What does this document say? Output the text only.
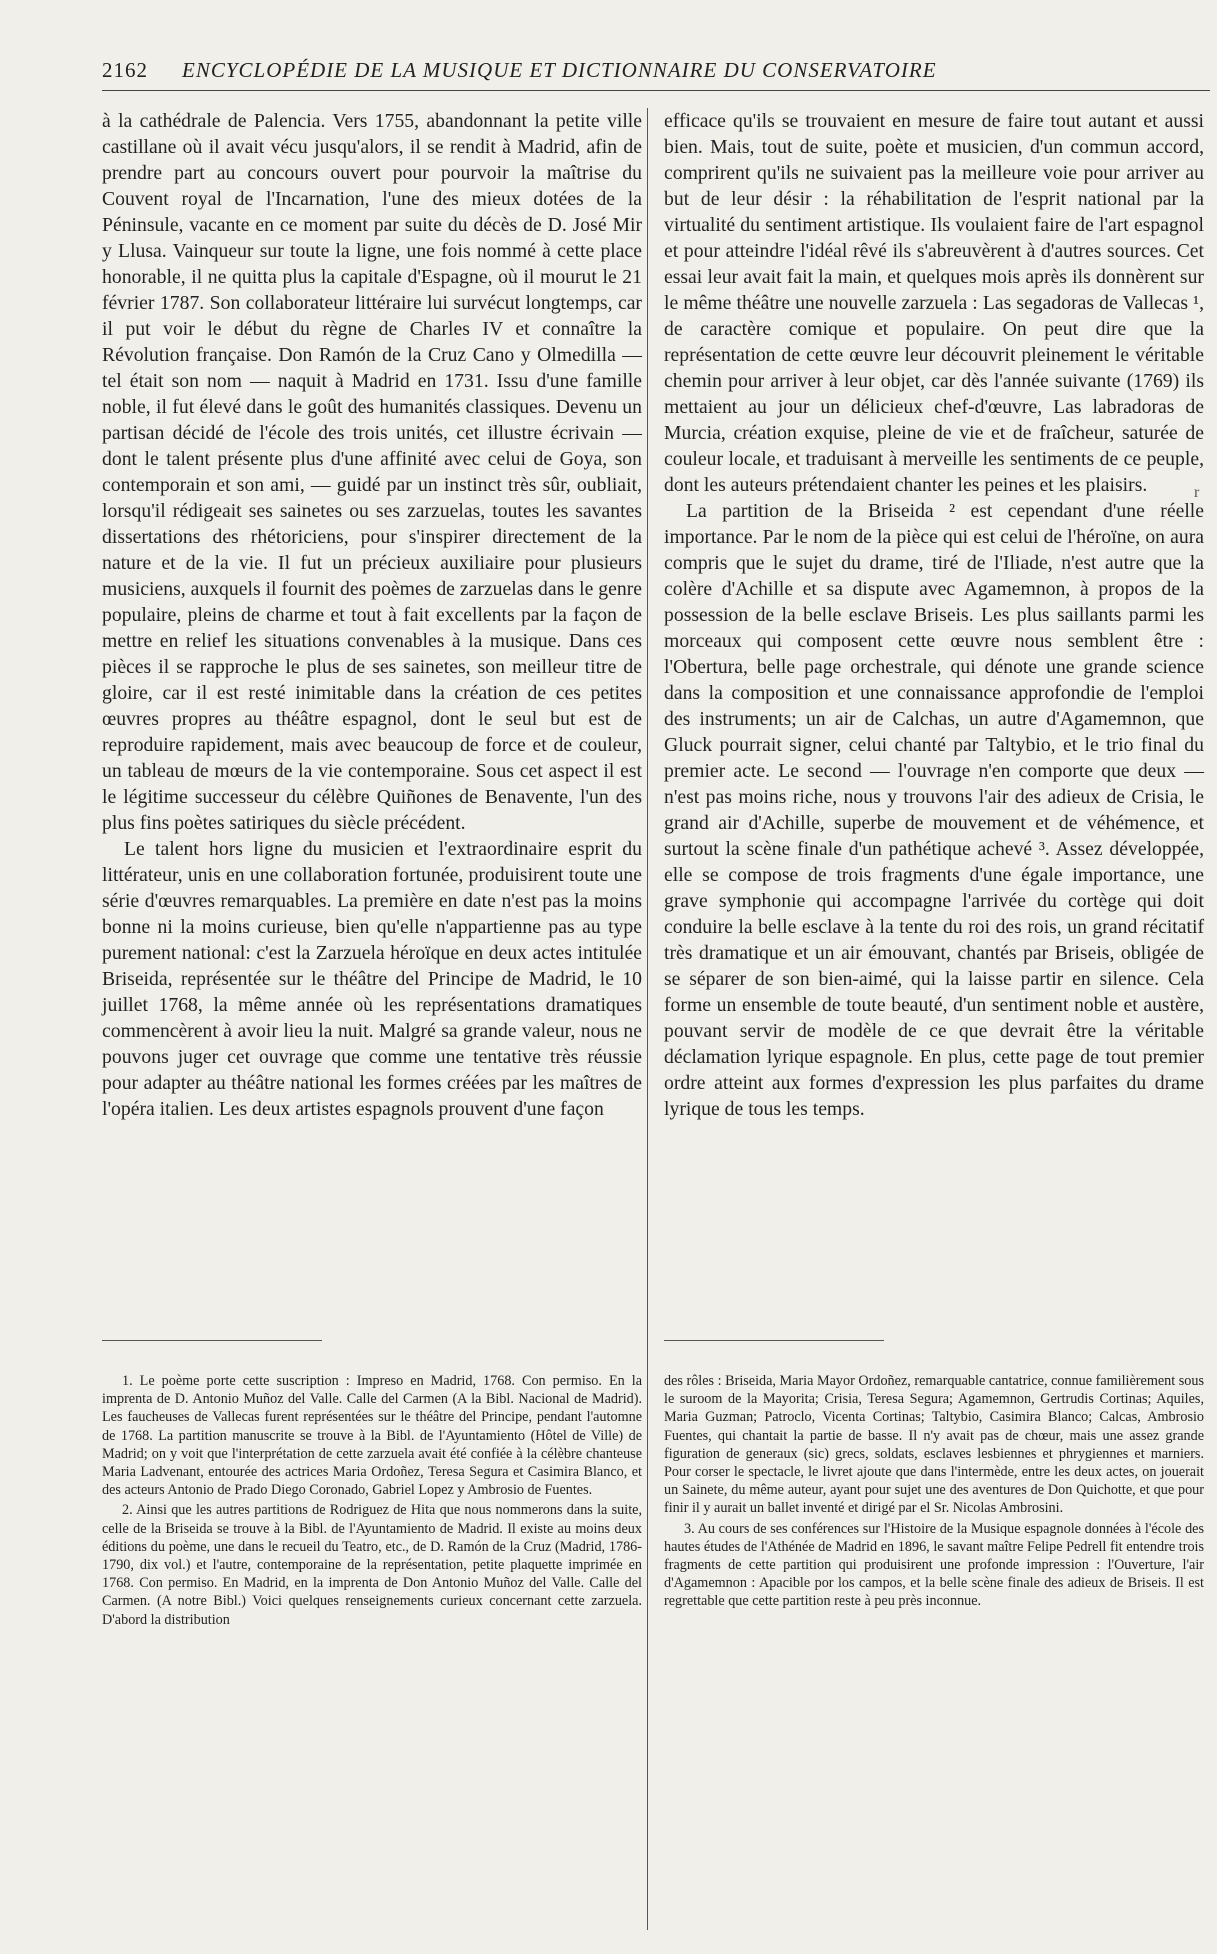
2162 ENCYCLOPÉDIE DE LA MUSIQUE ET DICTIONNAIRE DU CONSERVATOIRE

à la cathédrale de Palencia. Vers 1755, abandonnant la petite ville castillane où il avait vécu jusqu'alors, il se rendit à Madrid, afin de prendre part au concours ouvert pour pourvoir la maîtrise du Couvent royal de l'Incarnation, l'une des mieux dotées de la Péninsule, vacante en ce moment par suite du décès de D. José Mir y Llusa. Vainqueur sur toute la ligne, une fois nommé à cette place honorable, il ne quitta plus la capitale d'Espagne, où il mourut le 21 février 1787. Son collaborateur littéraire lui survécut longtemps, car il put voir le début du règne de Charles IV et connaître la Révolution française. Don Ramón de la Cruz Cano y Olmedilla — tel était son nom — naquit à Madrid en 1731. Issu d'une famille noble, il fut élevé dans le goût des humanités classiques. Devenu un partisan décidé de l'école des trois unités, cet illustre écrivain — dont le talent présente plus d'une affinité avec celui de Goya, son contemporain et son ami, — guidé par un instinct très sûr, oubliait, lorsqu'il rédigeait ses sainetes ou ses zarzuelas, toutes les savantes dissertations des rhétoriciens, pour s'inspirer directement de la nature et de la vie. Il fut un précieux auxiliaire pour plusieurs musiciens, auxquels il fournit des poèmes de zarzuelas dans le genre populaire, pleins de charme et tout à fait excellents par la façon de mettre en relief les situations convenables à la musique. Dans ces pièces il se rapproche le plus de ses sainetes, son meilleur titre de gloire, car il est resté inimitable dans la création de ces petites œuvres propres au théâtre espagnol, dont le seul but est de reproduire rapidement, mais avec beaucoup de force et de couleur, un tableau de mœurs de la vie contemporaine. Sous cet aspect il est le légitime successeur du célèbre Quiñones de Benavente, l'un des plus fins poètes satiriques du siècle précédent.

Le talent hors ligne du musicien et l'extraordinaire esprit du littérateur, unis en une collaboration fortunée, produisirent toute une série d'œuvres remarquables. La première en date n'est pas la moins bonne ni la moins curieuse, bien qu'elle n'appartienne pas au type purement national: c'est la Zarzuela héroïque en deux actes intitulée Briseida, représentée sur le théâtre del Principe de Madrid, le 10 juillet 1768, la même année où les représentations dramatiques commencèrent à avoir lieu la nuit. Malgré sa grande valeur, nous ne pouvons juger cet ouvrage que comme une tentative très réussie pour adapter au théâtre national les formes créées par les maîtres de l'opéra italien. Les deux artistes espagnols prouvent d'une façon

efficace qu'ils se trouvaient en mesure de faire tout autant et aussi bien. Mais, tout de suite, poète et musicien, d'un commun accord, comprirent qu'ils ne suivaient pas la meilleure voie pour arriver au but de leur désir : la réhabilitation de l'esprit national par la virtualité du sentiment artistique. Ils voulaient faire de l'art espagnol et pour atteindre l'idéal rêvé ils s'abreuvèrent à d'autres sources. Cet essai leur avait fait la main, et quelques mois après ils donnèrent sur le même théâtre une nouvelle zarzuela : Las segadoras de Vallecas ¹, de caractère comique et populaire. On peut dire que la représentation de cette œuvre leur découvrit pleinement le véritable chemin pour arriver à leur objet, car dès l'année suivante (1769) ils mettaient au jour un délicieux chef-d'œuvre, Las labradoras de Murcia, création exquise, pleine de vie et de fraîcheur, saturée de couleur locale, et traduisant à merveille les sentiments de ce peuple, dont les auteurs prétendaient chanter les peines et les plaisirs.

La partition de la Briseida ² est cependant d'une réelle importance. Par le nom de la pièce qui est celui de l'héroïne, on aura compris que le sujet du drame, tiré de l'Iliade, n'est autre que la colère d'Achille et sa dispute avec Agamemnon, à propos de la possession de la belle esclave Briseis. Les plus saillants parmi les morceaux qui composent cette œuvre nous semblent être : l'Obertura, belle page orchestrale, qui dénote une grande science dans la composition et une connaissance approfondie de l'emploi des instruments; un air de Calchas, un autre d'Agamemnon, que Gluck pourrait signer, celui chanté par Taltybio, et le trio final du premier acte. Le second — l'ouvrage n'en comporte que deux — n'est pas moins riche, nous y trouvons l'air des adieux de Crisia, le grand air d'Achille, superbe de mouvement et de véhémence, et surtout la scène finale d'un pathétique achevé ³. Assez développée, elle se compose de trois fragments d'une égale importance, une grave symphonie qui accompagne l'arrivée du cortège qui doit conduire la belle esclave à la tente du roi des rois, un grand récitatif très dramatique et un air émouvant, chantés par Briseis, obligée de se séparer de son bien-aimé, qui la laisse partir en silence. Cela forme un ensemble de toute beauté, d'un sentiment noble et austère, pouvant servir de modèle de ce que devrait être la véritable déclamation lyrique espagnole. En plus, cette page de tout premier ordre atteint aux formes d'expression les plus parfaites du drame lyrique de tous les temps.

r

1. Le poème porte cette suscription : Impreso en Madrid, 1768. Con permiso. En la imprenta de D. Antonio Muñoz del Valle. Calle del Carmen (A la Bibl. Nacional de Madrid). Les faucheuses de Vallecas furent représentées sur le théâtre del Principe, pendant l'automne de 1768. La partition manuscrite se trouve à la Bibl. de l'Ayuntamiento (Hôtel de Ville) de Madrid; on y voit que l'interprétation de cette zarzuela avait été confiée à la célèbre chanteuse Maria Ladvenant, entourée des actrices Maria Ordoñez, Teresa Segura et Casimira Blanco, et des acteurs Antonio de Prado Diego Coronado, Gabriel Lopez y Ambrosio de Fuentes.

2. Ainsi que les autres partitions de Rodriguez de Hita que nous nommerons dans la suite, celle de la Briseida se trouve à la Bibl. de l'Ayuntamiento de Madrid. Il existe au moins deux éditions du poème, une dans le recueil du Teatro, etc., de D. Ramón de la Cruz (Madrid, 1786-1790, dix vol.) et l'autre, contemporaine de la représentation, petite plaquette imprimée en 1768. Con permiso. En Madrid, en la imprenta de Don Antonio Muñoz del Valle. Calle del Carmen. (A notre Bibl.) Voici quelques renseignements curieux concernant cette zarzuela. D'abord la distribution

des rôles : Briseida, Maria Mayor Ordoñez, remarquable cantatrice, connue familièrement sous le suroom de la Mayorita; Crisia, Teresa Segura; Agamemnon, Gertrudis Cortinas; Aquiles, Maria Guzman; Patroclo, Vicenta Cortinas; Taltybio, Casimira Blanco; Calcas, Ambrosio Fuentes, qui chantait la partie de basse. Il n'y avait pas de chœur, mais une assez grande figuration de generaux (sic) grecs, soldats, esclaves lesbiennes et phrygiennes et marniers. Pour corser le spectacle, le livret ajoute que dans l'intermède, entre les deux actes, on jouerait un Sainete, du même auteur, ayant pour sujet une des aventures de Don Quichotte, et que pour finir il y aurait un ballet inventé et dirigé par el Sr. Nicolas Ambrosini.

3. Au cours de ses conférences sur l'Histoire de la Musique espagnole données à l'école des hautes études de l'Athénée de Madrid en 1896, le savant maître Felipe Pedrell fit entendre trois fragments de cette partition qui produisirent une profonde impression : l'Ouverture, l'air d'Agamemnon : Apacible por los campos, et la belle scène finale des adieux de Briseis. Il est regrettable que cette partition reste à peu près inconnue.
